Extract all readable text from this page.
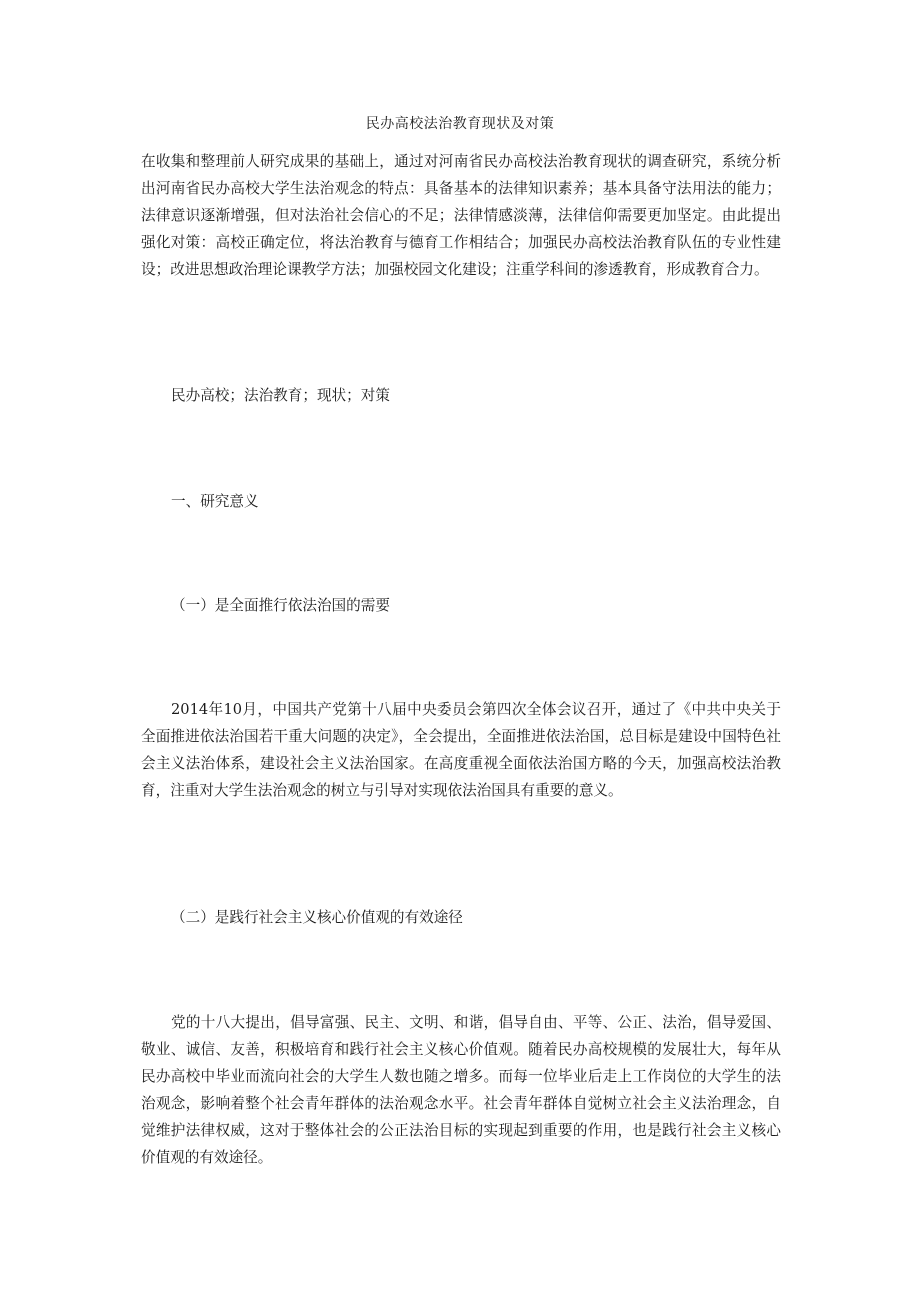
民办高校法治教育现状及对策

在收集和整理前人研究成果的基础上，通过对河南省民办高校法治教育现状的调查研究，系统分析出河南省民办高校大学生法治观念的特点：具备基本的法律知识素养；基本具备守法用法的能力；法律意识逐渐增强，但对法治社会信心的不足；法律情感淡薄，法律信仰需要更加坚定。由此提出强化对策：高校正确定位，将法治教育与德育工作相结合；加强民办高校法治教育队伍的专业性建设；改进思想政治理论课教学方法；加强校园文化建设；注重学科间的渗透教育，形成教育合力。

民办高校；法治教育；现状；对策

一、研究意义

（一）是全面推行依法治国的需要

2014年10月，中国共产党第十八届中央委员会第四次全体会议召开，通过了《中共中央关于全面推进依法治国若干重大问题的决定》，全会提出，全面推进依法治国，总目标是建设中国特色社会主义法治体系，建设社会主义法治国家。在高度重视全面依法治国方略的今天，加强高校法治教育，注重对大学生法治观念的树立与引导对实现依法治国具有重要的意义。

（二）是践行社会主义核心价值观的有效途径

党的十八大提出，倡导富强、民主、文明、和谐，倡导自由、平等、公正、法治，倡导爱国、敬业、诚信、友善，积极培育和践行社会主义核心价值观。随着民办高校规模的发展壮大，每年从民办高校中毕业而流向社会的大学生人数也随之增多。而每一位毕业后走上工作岗位的大学生的法治观念，影响着整个社会青年群体的法治观念水平。社会青年群体自觉树立社会主义法治理念，自觉维护法律权威，这对于整体社会的公正法治目标的实现起到重要的作用，也是践行社会主义核心价值观的有效途径。
